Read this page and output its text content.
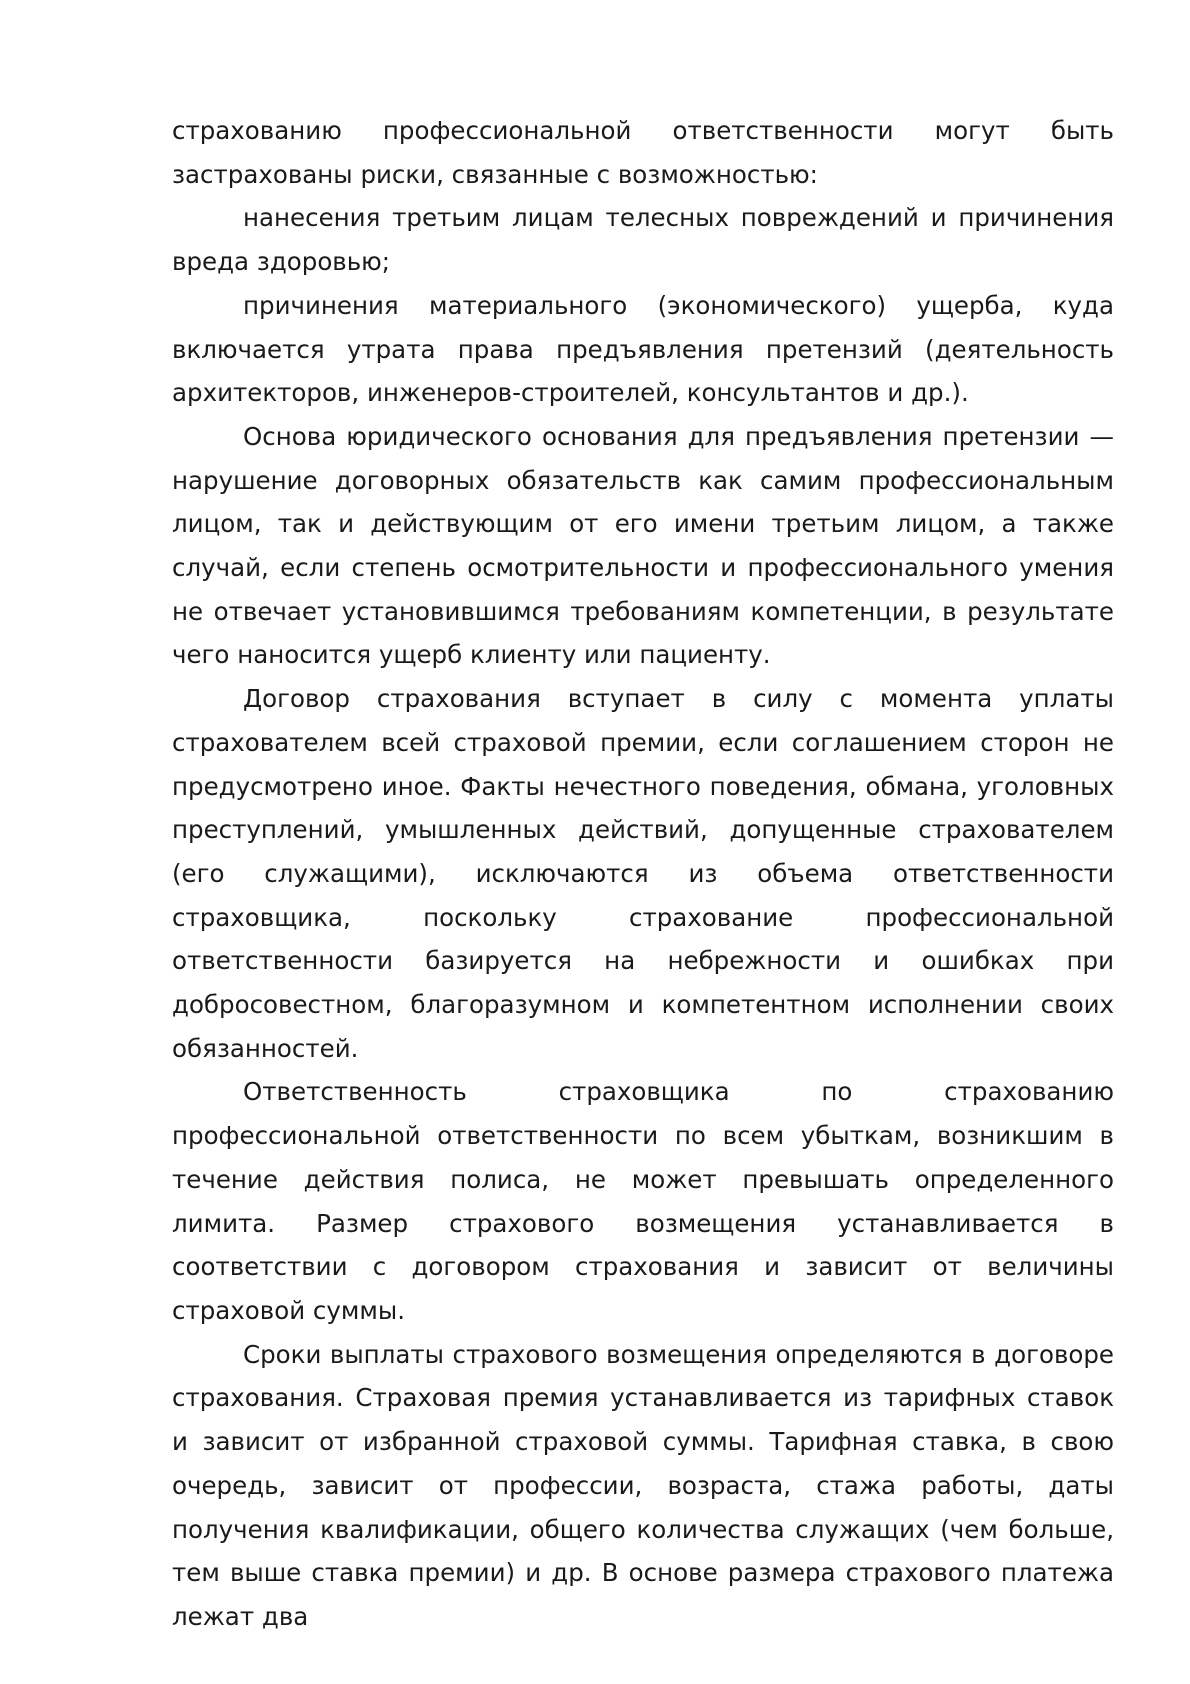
страхованию профессиональной ответственности могут быть застрахованы риски, связанные с возможностью:

нанесения третьим лицам телесных повреждений и причинения вреда здоровью;

причинения материального (экономического) ущерба, куда включается утрата права предъявления претензий (деятельность архитекторов, инженеров-строителей, консультантов и др.).

Основа юридического основания для предъявления претензии — нарушение договорных обязательств как самим профессиональным лицом, так и действующим от его имени третьим лицом, а также случай, если степень осмотрительности и профессионального умения не отвечает установившимся требованиям компетенции, в результате чего наносится ущерб клиенту или пациенту.

Договор страхования вступает в силу с момента уплаты страхователем всей страховой премии, если соглашением сторон не предусмотрено иное. Факты нечестного поведения, обмана, уголовных преступлений, умышленных действий, допущенные страхователем (его служащими), исключаются из объема ответственности страховщика, поскольку страхование профессиональной ответственности базируется на небрежности и ошибках при добросовестном, благоразумном и компетентном исполнении своих обязанностей.

Ответственность страховщика по страхованию профессиональной ответственности по всем убыткам, возникшим в течение действия полиса, не может превышать определенного лимита. Размер страхового возмещения устанавливается в соответствии с договором страхования и зависит от величины страховой суммы.

Сроки выплаты страхового возмещения определяются в договоре страхования. Страховая премия устанавливается из тарифных ставок и зависит от избранной страховой суммы. Тарифная ставка, в свою очередь, зависит от профессии, возраста, стажа работы, даты получения квалификации, общего количества служащих (чем больше, тем выше ставка премии) и др. В основе размера страхового платежа лежат два
